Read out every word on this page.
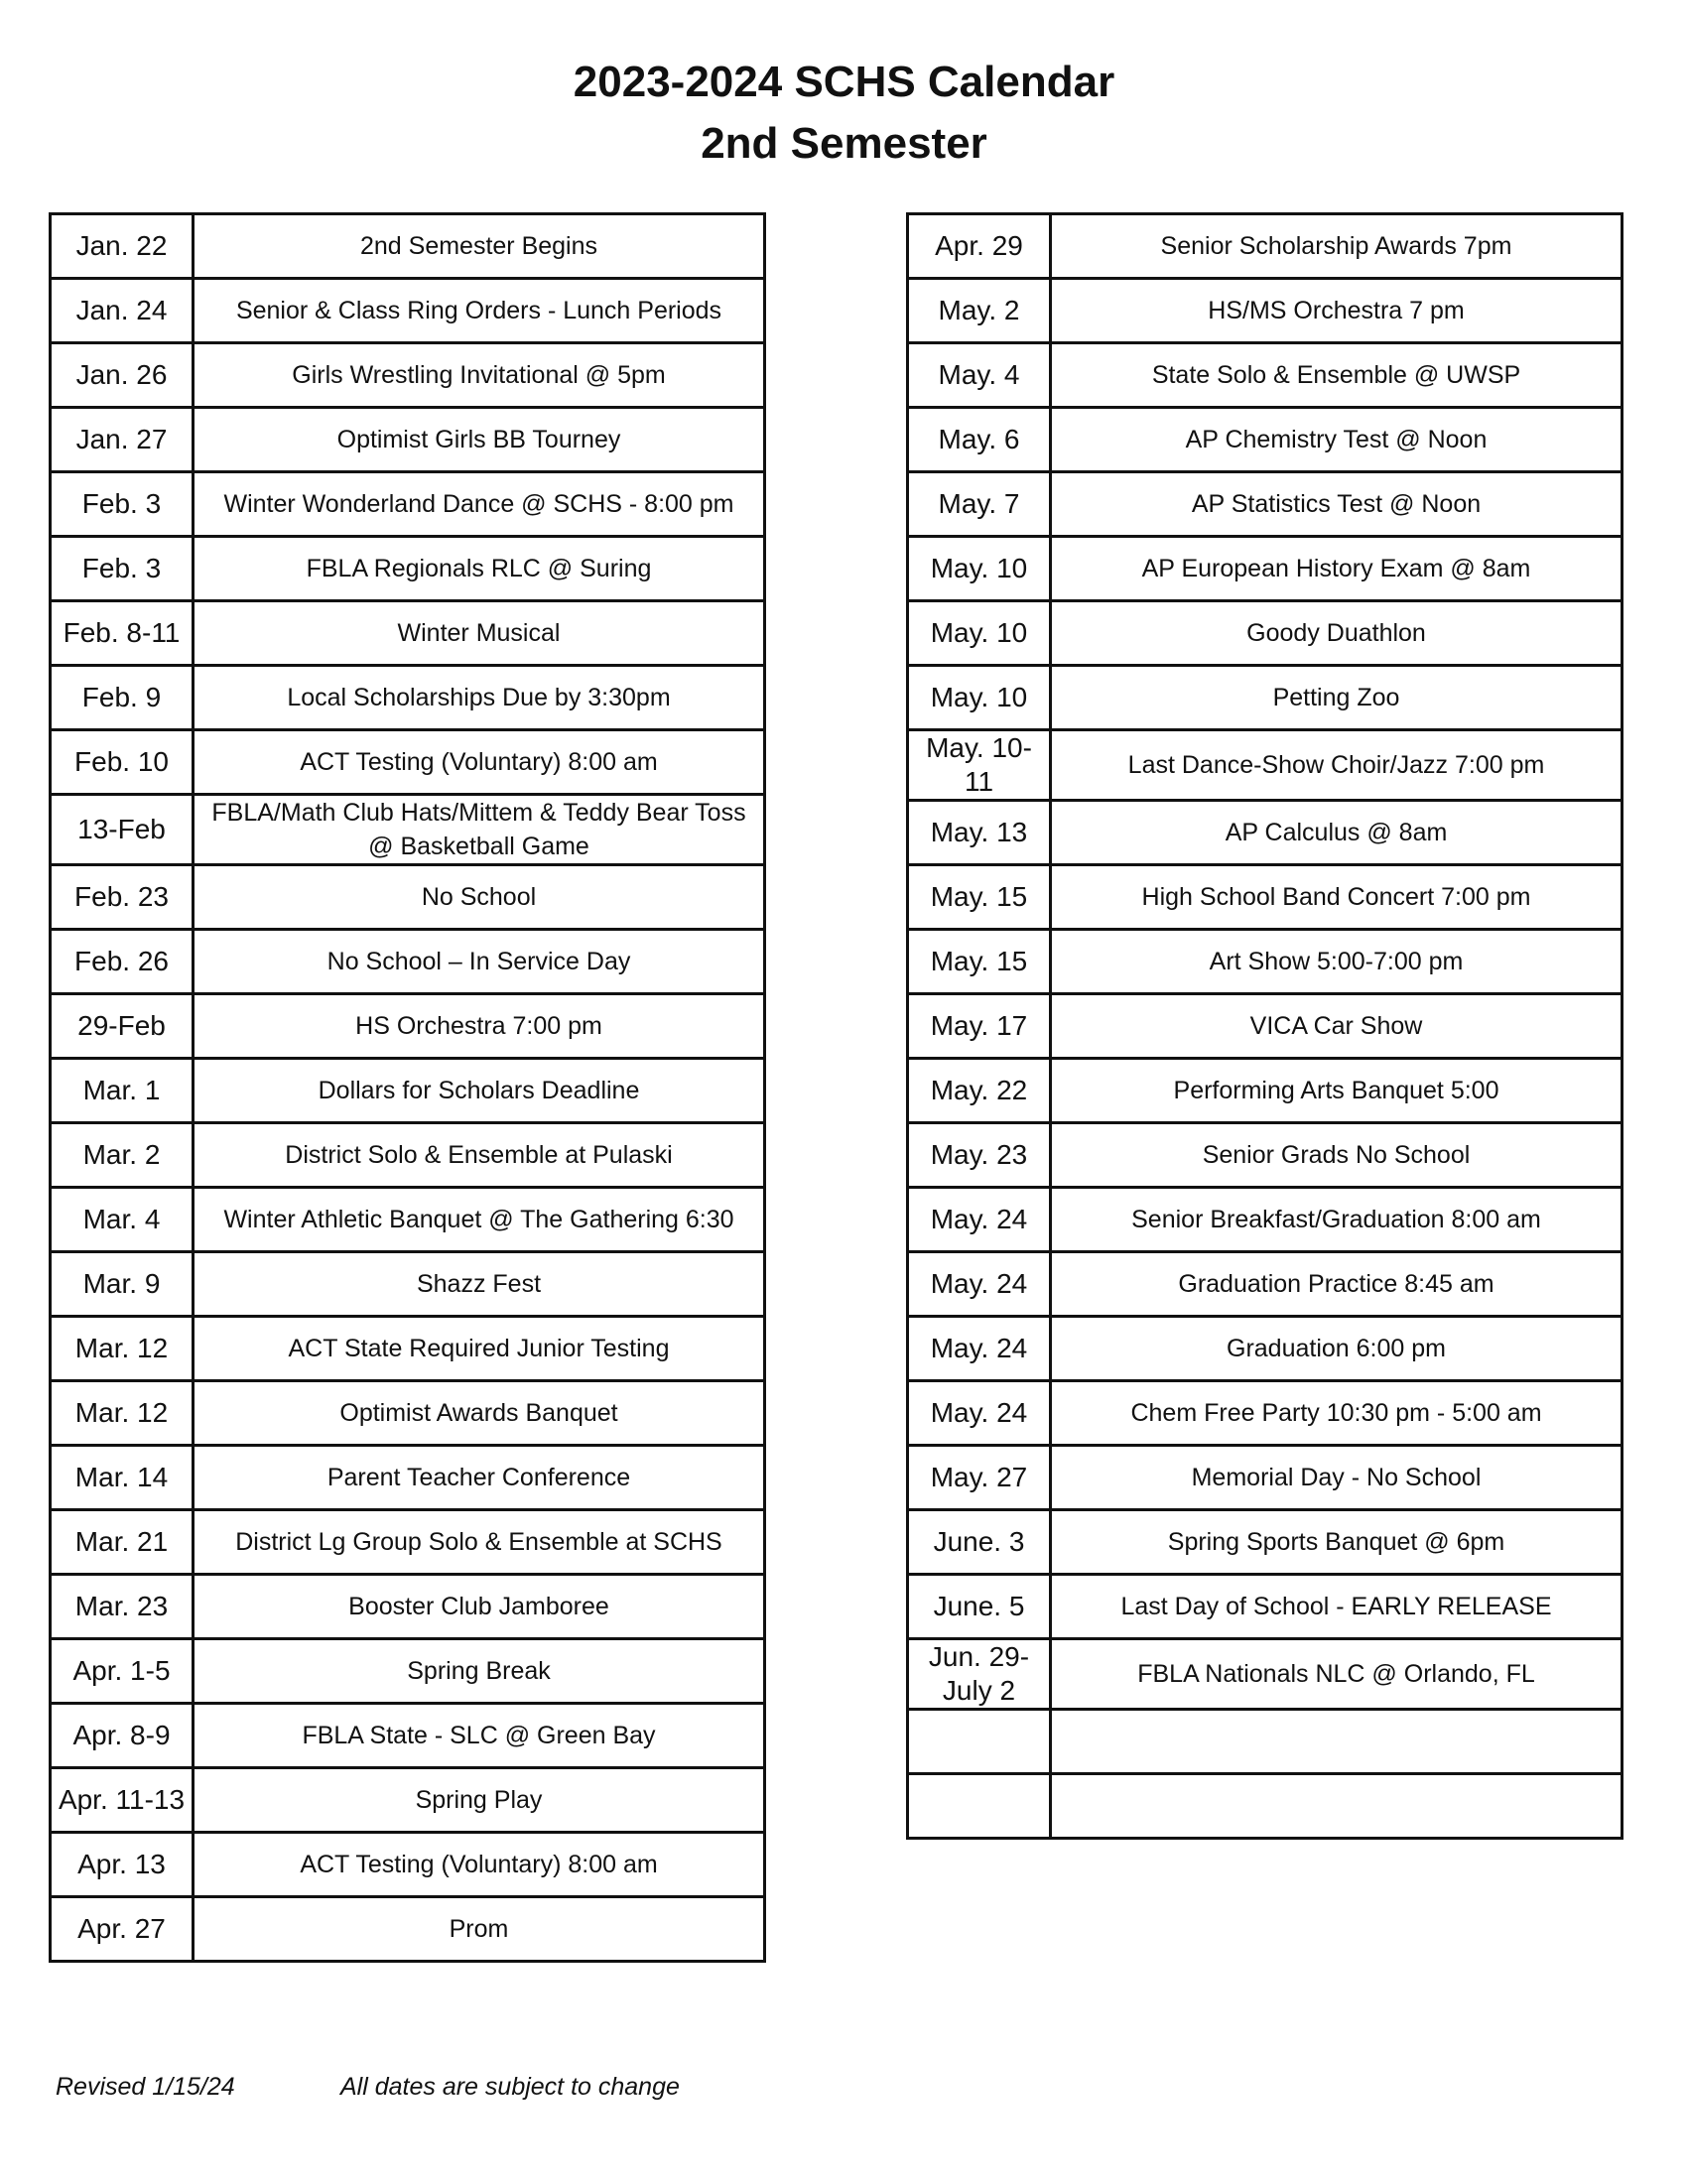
2023-2024 SCHS Calendar
2nd Semester
Jan. 22	2nd Semester Begins
Jan. 24	Senior & Class Ring Orders - Lunch Periods
Jan. 26	Girls Wrestling Invitational @ 5pm
Jan. 27	Optimist Girls BB Tourney
Feb. 3	Winter Wonderland Dance @ SCHS - 8:00 pm
Feb. 3	FBLA Regionals RLC @ Suring
Feb. 8-11	Winter Musical
Feb. 9	Local Scholarships Due by 3:30pm
Feb. 10	ACT Testing (Voluntary) 8:00 am
13-Feb	FBLA/Math Club Hats/Mittem & Teddy Bear Toss @ Basketball Game
Feb. 23	No School
Feb. 26	No School – In Service Day
29-Feb	HS Orchestra 7:00 pm
Mar. 1	Dollars for Scholars Deadline
Mar. 2	District Solo & Ensemble at Pulaski
Mar. 4	Winter Athletic Banquet @ The Gathering 6:30
Mar. 9	Shazz Fest
Mar. 12	ACT State Required Junior Testing
Mar. 12	Optimist Awards Banquet
Mar. 14	Parent Teacher Conference
Mar. 21	District Lg Group Solo & Ensemble at SCHS
Mar. 23	Booster Club Jamboree
Apr. 1-5	Spring Break
Apr. 8-9	FBLA State - SLC @ Green Bay
Apr. 11-13	Spring Play
Apr. 13	ACT Testing (Voluntary) 8:00 am
Apr. 27	Prom
Apr. 29	Senior Scholarship Awards 7pm
May. 2	HS/MS Orchestra 7 pm
May. 4	State Solo & Ensemble @ UWSP
May. 6	AP Chemistry Test @ Noon
May. 7	AP Statistics Test @ Noon
May. 10	AP European History Exam @ 8am
May. 10	Goody Duathlon
May. 10	Petting Zoo
May. 10-11	Last Dance-Show Choir/Jazz 7:00 pm
May. 13	AP Calculus @ 8am
May. 15	High School Band Concert 7:00 pm
May. 15	Art Show 5:00-7:00 pm
May. 17	VICA Car Show
May. 22	Performing Arts Banquet 5:00
May. 23	Senior Grads No School
May. 24	Senior Breakfast/Graduation 8:00 am
May. 24	Graduation Practice 8:45 am
May. 24	Graduation 6:00 pm
May. 24	Chem Free Party 10:30 pm - 5:00 am
May. 27	Memorial Day - No School
June. 3	Spring Sports Banquet @ 6pm
June. 5	Last Day of School - EARLY RELEASE
Jun. 29-July 2	FBLA Nationals NLC @ Orlando, FL

Revised 1/15/24	All dates are subject to change
